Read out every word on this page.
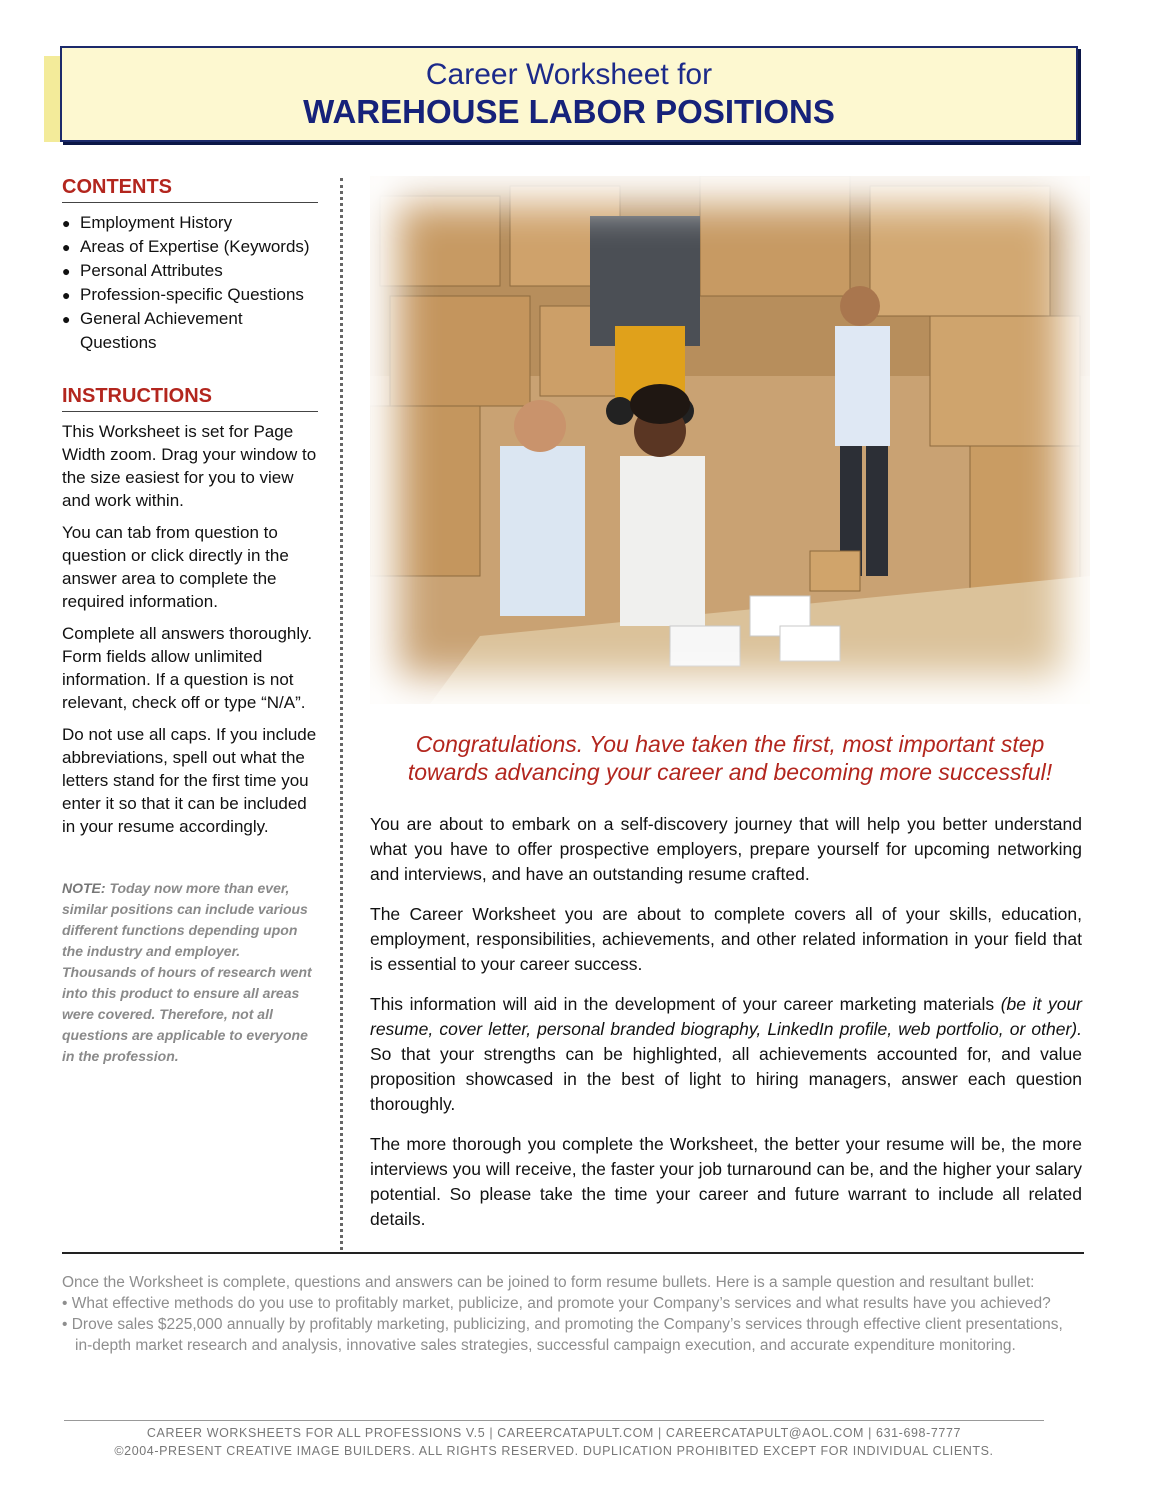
Career Worksheet for
WAREHOUSE LABOR POSITIONS
CONTENTS
● Employment History
● Areas of Expertise (Keywords)
● Personal Attributes
● Profession-specific Questions
● General Achievement Questions
INSTRUCTIONS

This Worksheet is set for Page Width zoom. Drag your window to the size easiest for you to view and work within.

You can tab from question to question or click directly in the answer area to complete the required information.

Complete all answers thoroughly. Form fields allow unlimited information. If a question is not relevant, check off or type “N/A”.

Do not use all caps. If you include abbreviations, spell out what the letters stand for the first time you enter it so that it can be included in your resume accordingly.

NOTE: Today now more than ever, similar positions can include various different functions depending upon the industry and employer. Thousands of hours of research went into this product to ensure all areas were covered. Therefore, not all questions are applicable to everyone in the profession.
Congratulations. You have taken the first, most important step
towards advancing your career and becoming more successful!

You are about to embark on a self-discovery journey that will help you better understand what you have to offer prospective employers, prepare yourself for upcoming networking and interviews, and have an outstanding resume crafted.

The Career Worksheet you are about to complete covers all of your skills, education, employment, responsibilities, achievements, and other related information in your field that is essential to your career success.

This information will aid in the development of your career marketing materials (be it your resume, cover letter, personal branded biography, LinkedIn profile, web portfolio, or other). So that your strengths can be highlighted, all achievements accounted for, and value proposition showcased in the best of light to hiring managers, answer each question thoroughly.

The more thorough you complete the Worksheet, the better your resume will be, the more interviews you will receive, the faster your job turnaround can be, and the higher your salary potential. So please take the time your career and future warrant to include all related details.

Once the Worksheet is complete, questions and answers can be joined to form resume bullets. Here is a sample question and resultant bullet:
• What effective methods do you use to profitably market, publicize, and promote your Company’s services and what results have you achieved?
• Drove sales $225,000 annually by profitably marketing, publicizing, and promoting the Company’s services through effective client presentations,
in-depth market research and analysis, innovative sales strategies, successful campaign execution, and accurate expenditure monitoring.
CAREER WORKSHEETS FOR ALL PROFESSIONS V.5 | CAREERCATAPULT.COM | CAREERCATAPULT@AOL.COM | 631-698-7777
©2004-PRESENT CREATIVE IMAGE BUILDERS. ALL RIGHTS RESERVED. DUPLICATION PROHIBITED EXCEPT FOR INDIVIDUAL CLIENTS.
